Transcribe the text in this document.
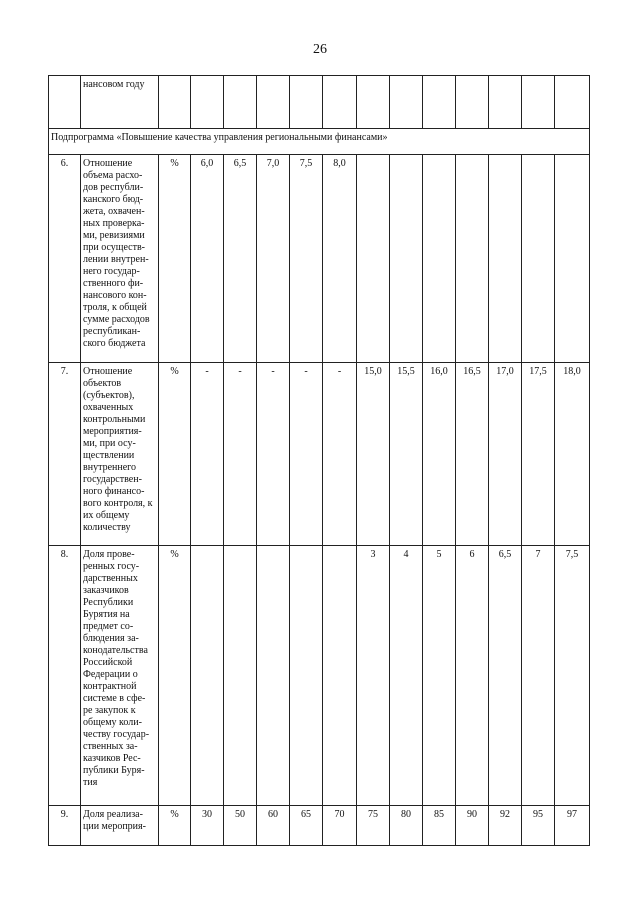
26
	нансовом году													
Подпрограмма «Повышение качества управления региональными финансами»														
6.	Отношение объема расхо- дов республи- канского бюд- жета, охвачен- ных проверка- ми, ревизиями при осуществ- лении внутрен- него государ- ственного фи- нансового кон- троля, к общей сумме расходов республикан- ского бюджета	%	6,0	6,5	7,0	7,5	8,0							
7.	Отношение объектов (субъектов), охваченных контрольными мероприятия- ми, при осу- ществлении внутреннего государствен- ного финансо- вого контроля, к их общему количеству	%	-	-	-	-	-	15,0	15,5	16,0	16,5	17,0	17,5	18,0
8.	Доля прове- ренных госу- дарственных заказчиков Республики Бурятия на предмет со- блюдения за- конодательства Российской Федерации о контрактной системе в сфе- ре закупок к общему коли- честву государ- ственных за- казчиков Рес- публики Буря- тия	%						3	4	5	6	6,5	7	7,5
9.	Доля реализа- ции мероприя-	%	30	50	60	65	70	75	80	85	90	92	95	97
